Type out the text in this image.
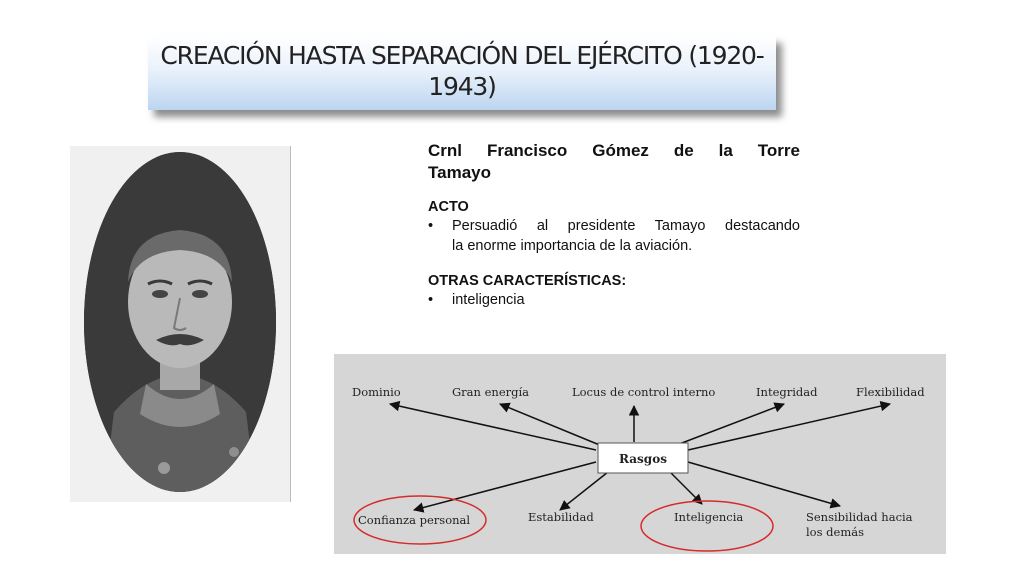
CREACIÓN HASTA SEPARACIÓN DEL EJÉRCITO (1920-
1943)
Crnl Francisco Gómez de la Torre
Tamayo
ACTO
•	Persuadió al presidente Tamayo destacando
la enorme importancia de la aviación.
OTRAS CARACTERÍSTICAS:
•	inteligencia
Rasgos
Dominio	Gran energía	Locus de control interno	Integridad	Flexibilidad
Confianza personal	Estabilidad	Inteligencia	Sensibilidad hacia
los demás
